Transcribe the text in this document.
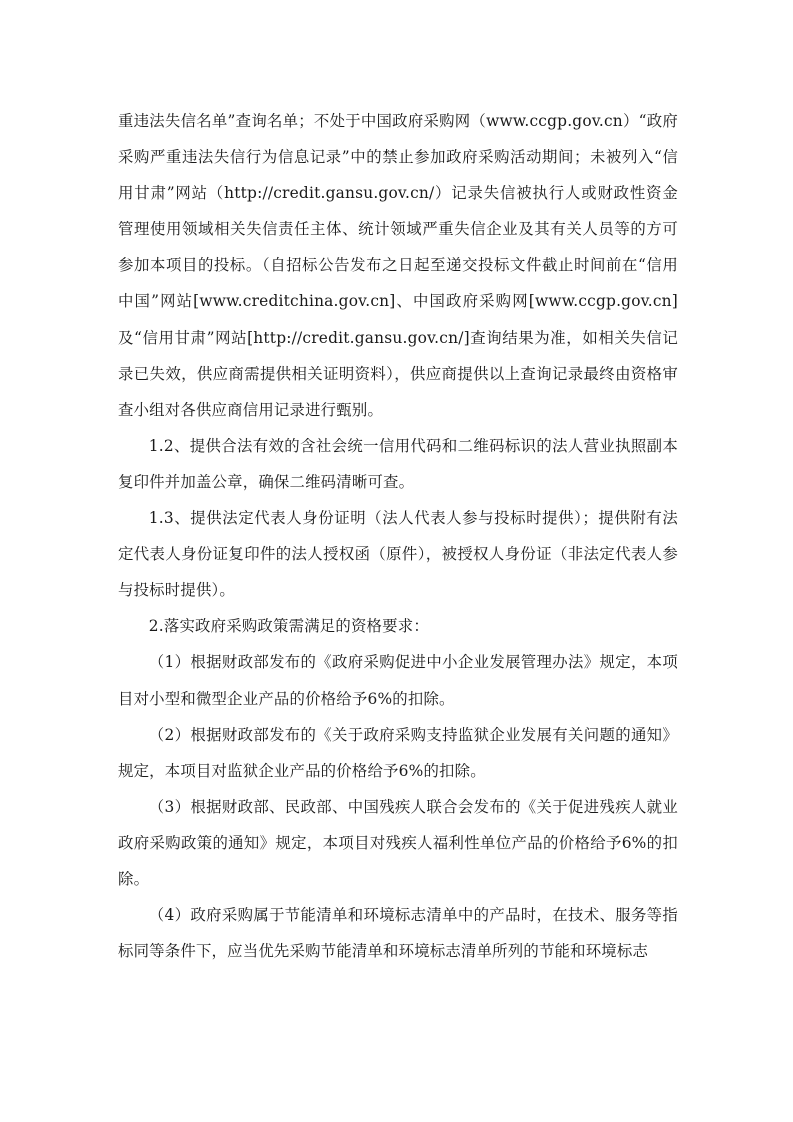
重违法失信名单”查询名单；不处于中国政府采购网（www.ccgp.gov.cn）“政府采购严重违法失信行为信息记录”中的禁止参加政府采购活动期间；未被列入“信用甘肃”网站（http://credit.gansu.gov.cn/）记录失信被执行人或财政性资金管理使用领域相关失信责任主体、统计领域严重失信企业及其有关人员等的方可参加本项目的投标。（自招标公告发布之日起至递交投标文件截止时间前在“信用中国”网站[www.creditchina.gov.cn]、中国政府采购网[www.ccgp.gov.cn]及“信用甘肃”网站[http://credit.gansu.gov.cn/]查询结果为准，如相关失信记录已失效，供应商需提供相关证明资料），供应商提供以上查询记录最终由资格审查小组对各供应商信用记录进行甄别。

1.2、提供合法有效的含社会统一信用代码和二维码标识的法人营业执照副本复印件并加盖公章，确保二维码清晰可查。

1.3、提供法定代表人身份证明（法人代表人参与投标时提供）；提供附有法定代表人身份证复印件的法人授权函（原件），被授权人身份证（非法定代表人参与投标时提供）。

2.落实政府采购政策需满足的资格要求：

（1）根据财政部发布的《政府采购促进中小企业发展管理办法》规定，本项目对小型和微型企业产品的价格给予6%的扣除。

（2）根据财政部发布的《关于政府采购支持监狱企业发展有关问题的通知》规定，本项目对监狱企业产品的价格给予6%的扣除。

（3）根据财政部、民政部、中国残疾人联合会发布的《关于促进残疾人就业政府采购政策的通知》规定，本项目对残疾人福利性单位产品的价格给予6%的扣除。

（4）政府采购属于节能清单和环境标志清单中的产品时，在技术、服务等指标同等条件下，应当优先采购节能清单和环境标志清单所列的节能和环境标志
